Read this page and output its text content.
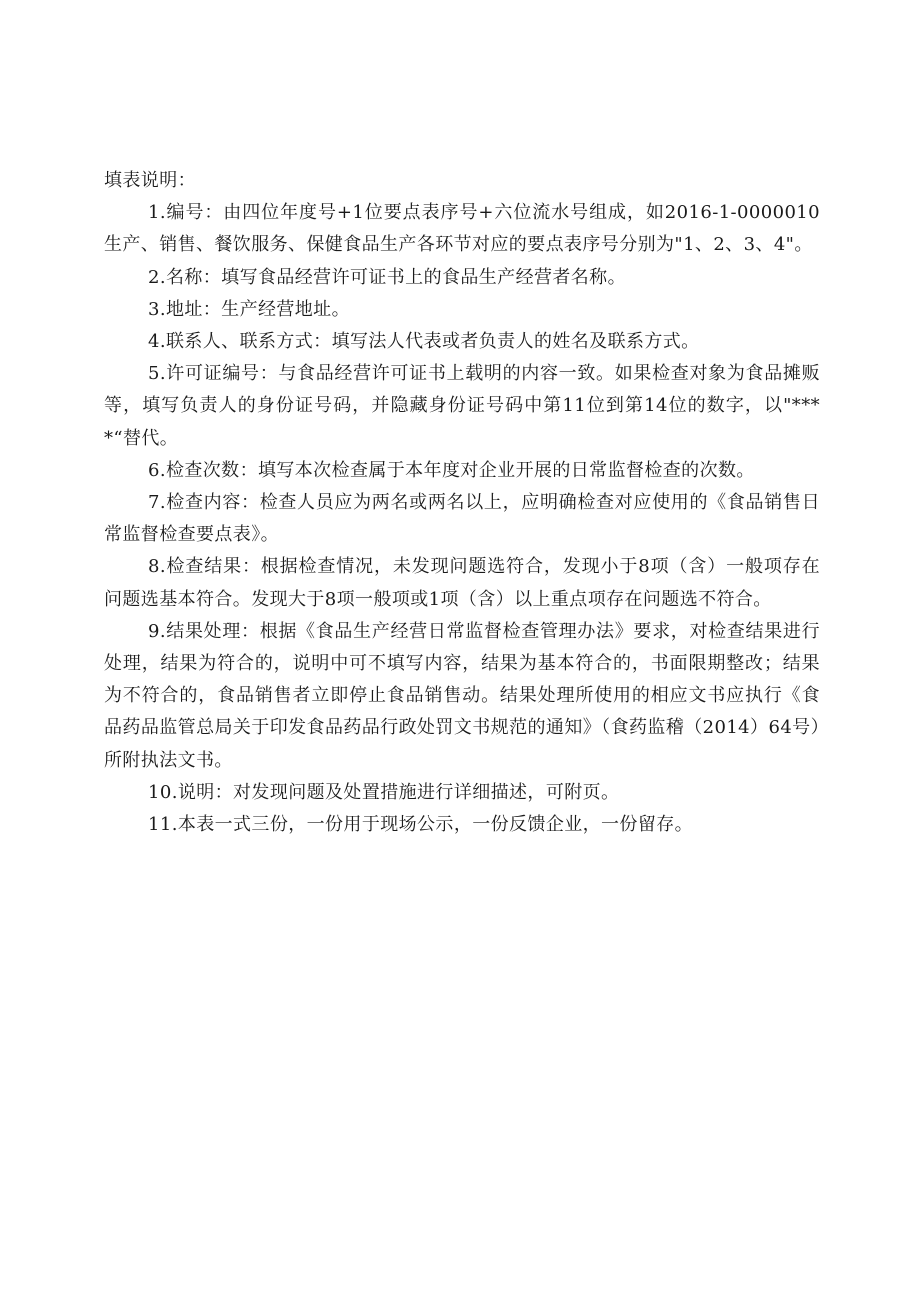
填表说明：

1.编号：由四位年度号+1位要点表序号+六位流水号组成，如2016-1-0000010生产、销售、餐饮服务、保健食品生产各环节对应的要点表序号分别为"1、2、3、4"。

2.名称：填写食品经营许可证书上的食品生产经营者名称。

3.地址：生产经营地址。

4.联系人、联系方式：填写法人代表或者负责人的姓名及联系方式。

5.许可证编号：与食品经营许可证书上载明的内容一致。如果检查对象为食品摊贩等，填写负责人的身份证号码，并隐藏身份证号码中第11位到第14位的数字，以"****“替代。

6.检查次数：填写本次检查属于本年度对企业开展的日常监督检查的次数。

7.检查内容：检查人员应为两名或两名以上，应明确检查对应使用的《食品销售日常监督检查要点表》。

8.检查结果：根据检查情况，未发现问题选符合，发现小于8项（含）一般项存在问题选基本符合。发现大于8项一般项或1项（含）以上重点项存在问题选不符合。

9.结果处理：根据《食品生产经营日常监督检查管理办法》要求，对检查结果进行处理，结果为符合的，说明中可不填写内容，结果为基本符合的，书面限期整改；结果为不符合的，食品销售者立即停止食品销售动。结果处理所使用的相应文书应执行《食品药品监管总局关于印发食品药品行政处罚文书规范的通知》（食药监稽（2014）64号）所附执法文书。

10.说明：对发现问题及处置措施进行详细描述，可附页。

11.本表一式三份，一份用于现场公示，一份反馈企业，一份留存。
